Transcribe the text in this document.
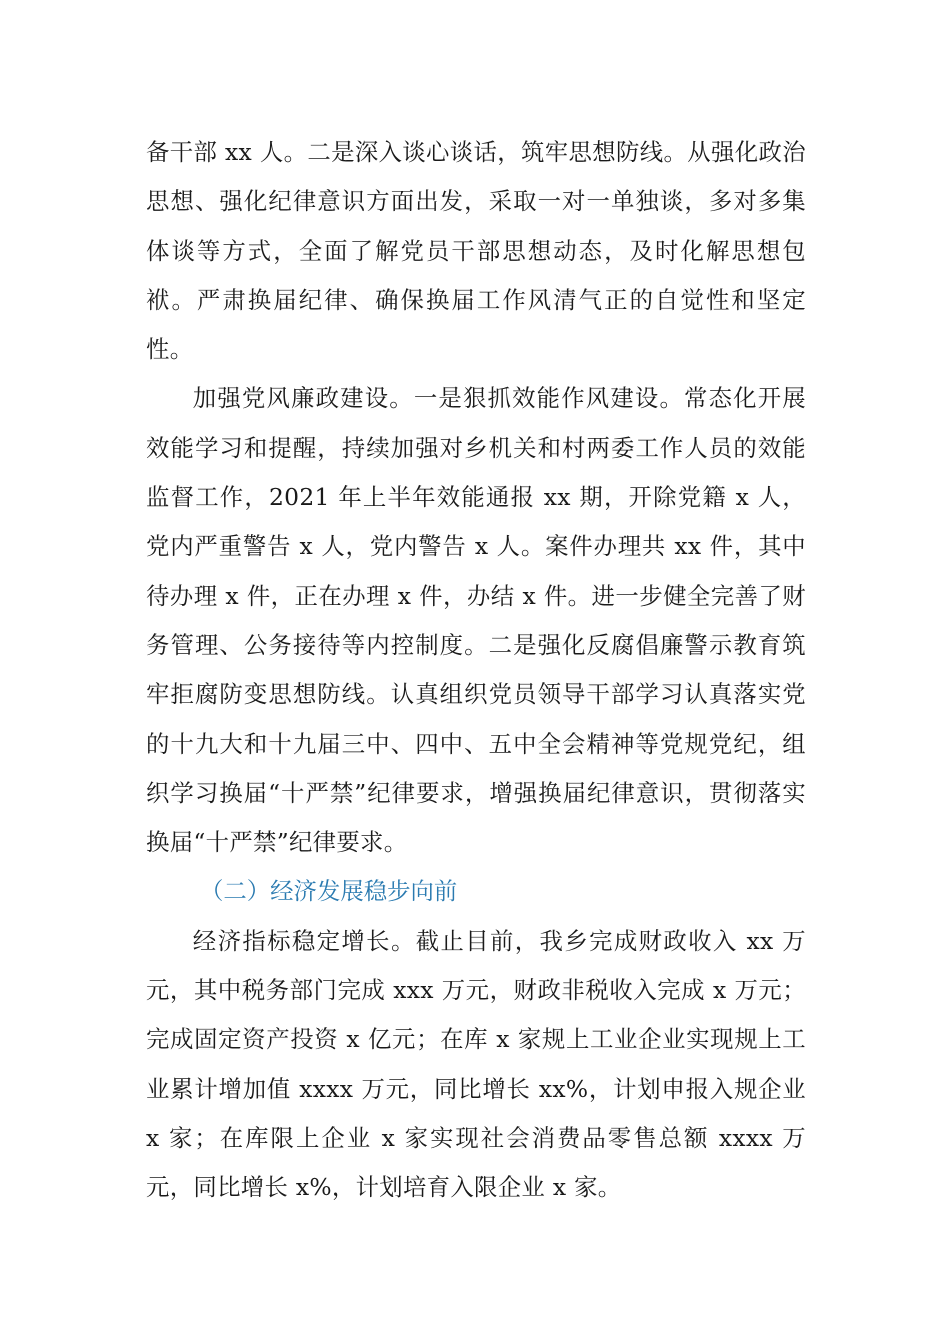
备干部 xx 人。二是深入谈心谈话，筑牢思想防线。从强化政治思想、强化纪律意识方面出发，采取一对一单独谈，多对多集体谈等方式，全面了解党员干部思想动态，及时化解思想包袱。严肃换届纪律、确保换届工作风清气正的自觉性和坚定性。

加强党风廉政建设。一是狠抓效能作风建设。常态化开展效能学习和提醒，持续加强对乡机关和村两委工作人员的效能监督工作，2021 年上半年效能通报 xx 期，开除党籍 x 人，党内严重警告 x 人，党内警告 x 人。案件办理共 xx 件，其中待办理 x 件，正在办理 x 件，办结 x 件。进一步健全完善了财务管理、公务接待等内控制度。二是强化反腐倡廉警示教育筑牢拒腐防变思想防线。认真组织党员领导干部学习认真落实党的十九大和十九届三中、四中、五中全会精神等党规党纪，组织学习换届“十严禁”纪律要求，增强换届纪律意识，贯彻落实换届“十严禁”纪律要求。

（二）经济发展稳步向前

经济指标稳定增长。截止目前，我乡完成财政收入 xx 万元，其中税务部门完成 xxx 万元，财政非税收入完成 x 万元；完成固定资产投资 x 亿元；在库 x 家规上工业企业实现规上工业累计增加值 xxxx 万元，同比增长 xx%，计划申报入规企业 x 家；在库限上企业 x 家实现社会消费品零售总额 xxxx 万元，同比增长 x%，计划培育入限企业 x 家。
